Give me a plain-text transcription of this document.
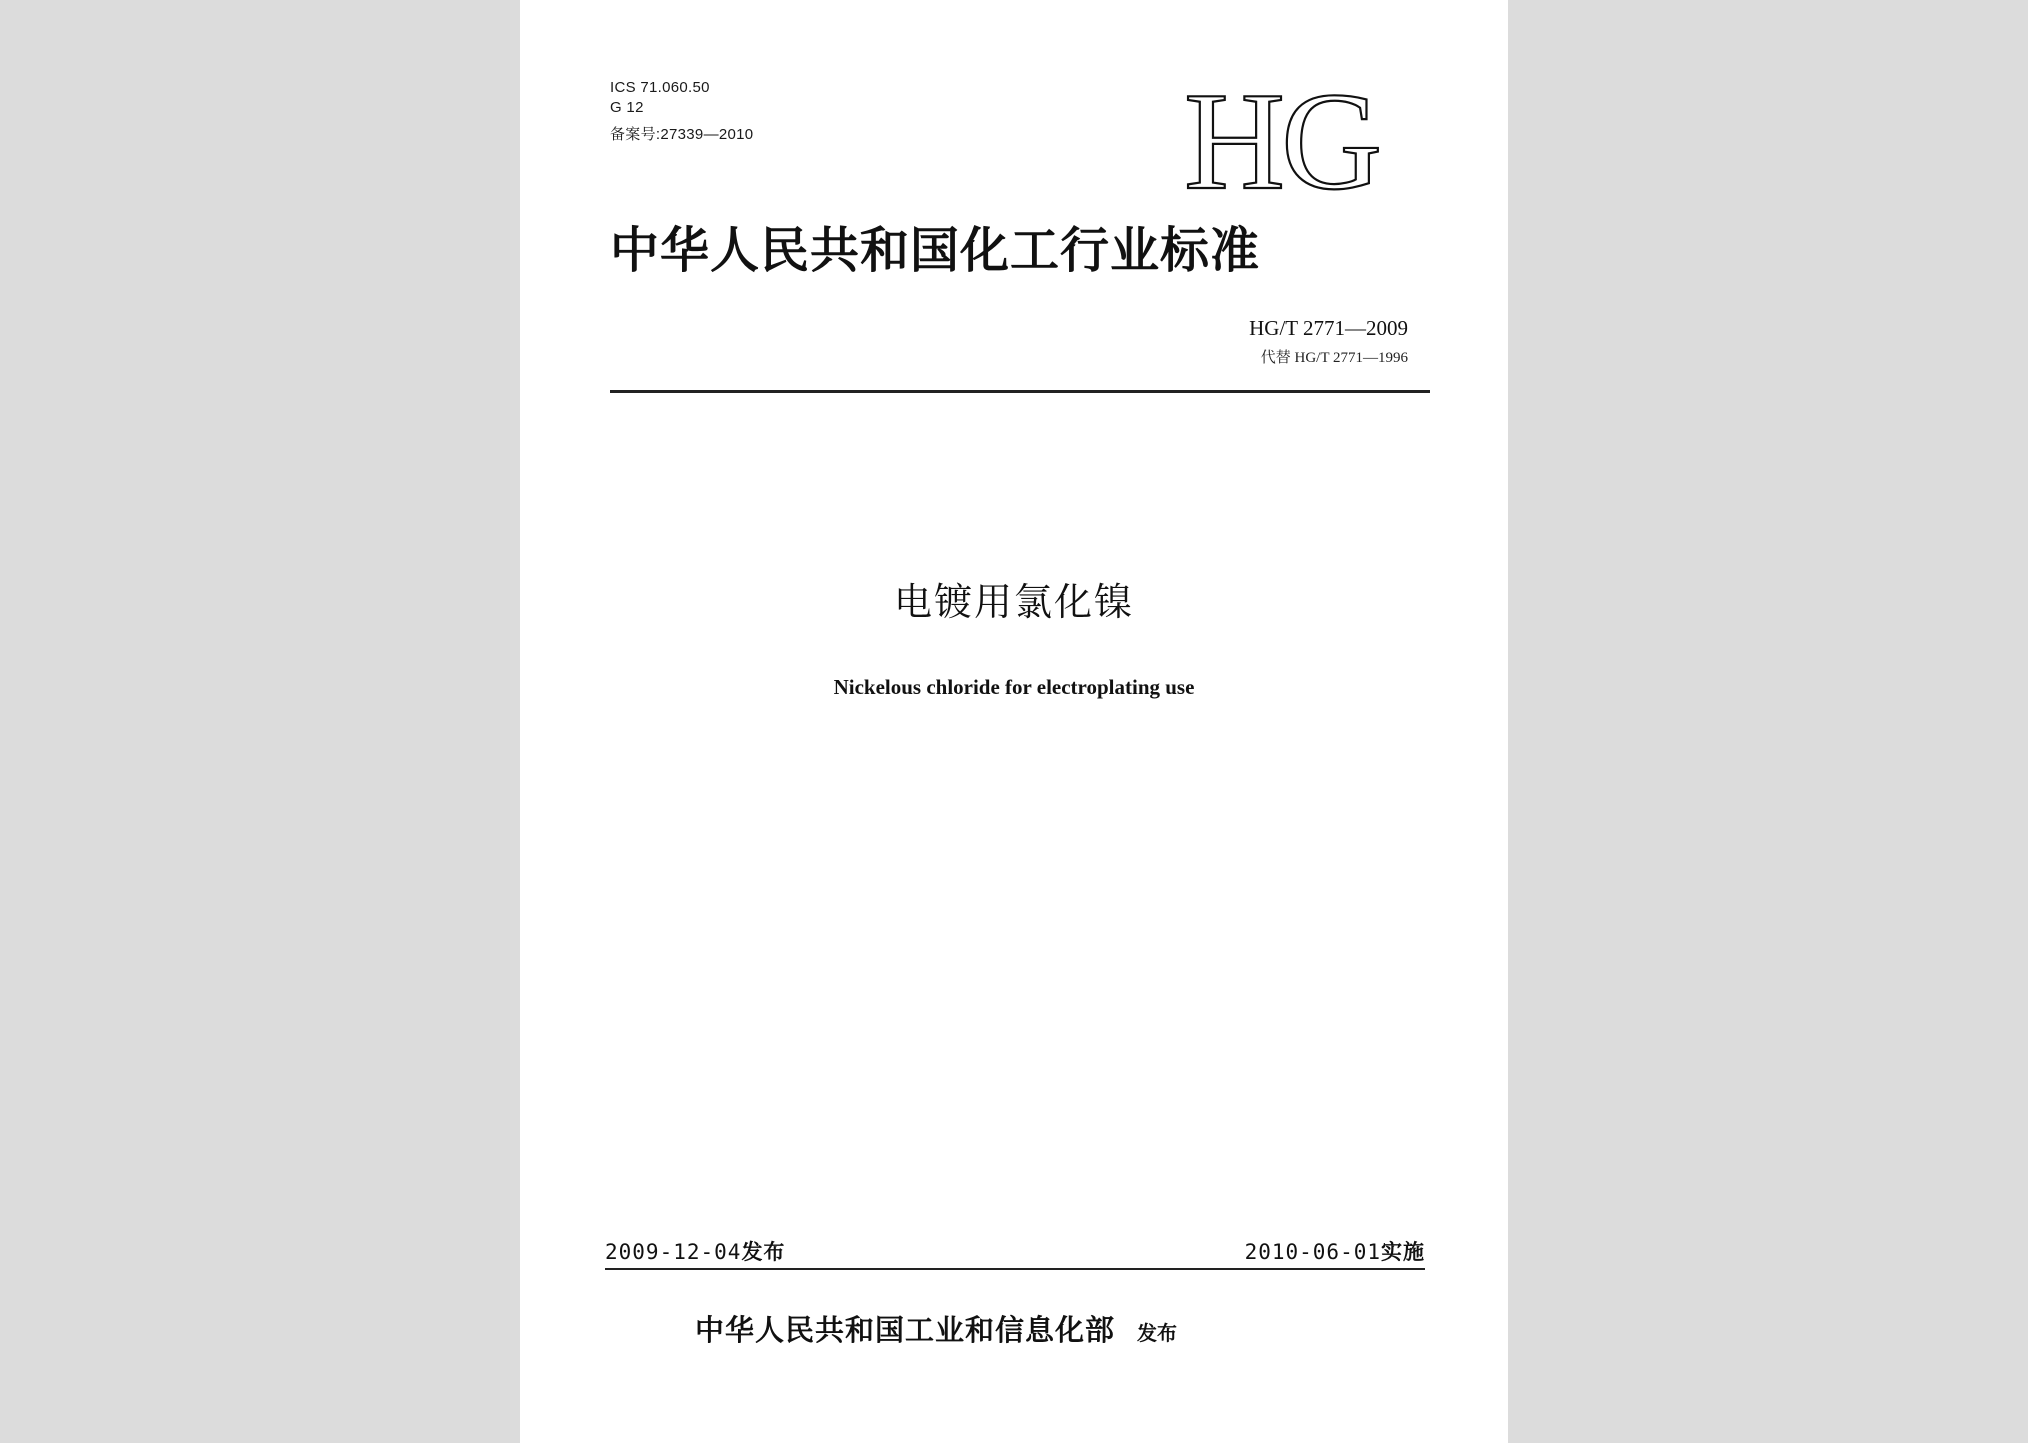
ICS 71.060.50
G 12
备案号:27339—2010	HG
中华人民共和国化工行业标准
HG/T 2771—2009
代替 HG/T 2771—1996
电镀用氯化镍
Nickelous chloride for electroplating use
2009-12-04发布	2010-06-01实施
中华人民共和国工业和信息化部 发布
